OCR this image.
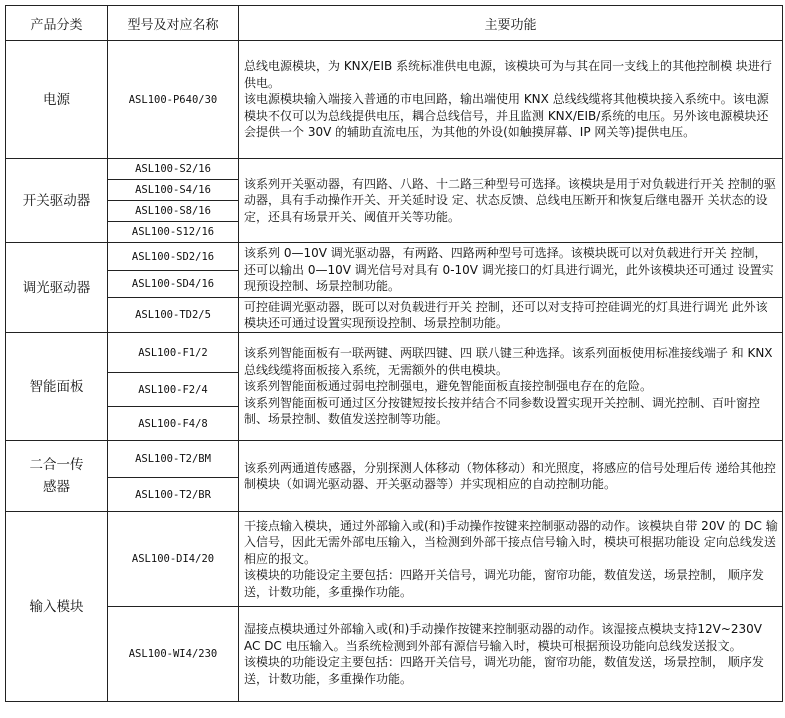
产品分类	型号及对应名称	主要功能
电源	ASL100-P640/30	总线电源模块，为 KNX/EIB 系统标准供电电源，该模块可为与其在同一支线上的其他控制模 块进行供电。

该电源模块输入端接入普通的市电回路，输出端使用 KNX 总线线缆将其他模块接入系统中。该电源模块不仅可以为总线提供电压，耦合总线信号，并且监测 KNX/EIB/系统的电压。另外该电源模块还会提供一个 30V 的辅助直流电压，为其他的外设(如触摸屏幕、IP 网关等)提供电压。

开关驱动器	ASL100-S2/16	该系列开关驱动器，有四路、八路、十二路三种型号可选择。该模块是用于对负载进行开关 控制的驱动器，具有手动操作开关、开关延时设 定、状态反馈、总线电压断开和恢复后继电器开 关状态的设定，还具有场景开关、阈值开关等功能。
	ASL100-S4/16	
	ASL100-S8/16	
	ASL100-S12/16	
调光驱动器	ASL100-SD2/16	该系列 0—10V 调光驱动器，有两路、四路两种型号可选择。该模块既可以对负载进行开关 控制，还可以输出 0—10V 调光信号对具有 0-10V 调光接口的灯具进行调光，此外该模块还可通过 设置实现预设控制、场景控制功能。
	ASL100-SD4/16	
	ASL100-TD2/5	可控硅调光驱动器，既可以对负载进行开关 控制，还可以对支持可控硅调光的灯具进行调光 此外该模块还可通过设置实现预设控制、场景控制功能。
智能面板	ASL100-F1/2	该系列智能面板有一联两键、两联四键、四 联八键三种选择。该系列面板使用标准接线端子 和 KNX 总线线缆将面板接入系统，无需额外的供电模块。

该系列智能面板通过弱电控制强电，避免智能面板直接控制强电存在的危险。

该系列智能面板可通过区分按键短按长按并结合不同参数设置实现开关控制、调光控制、百叶窗控制、场景控制、数值发送控制等功能。

	ASL100-F2/4	
	ASL100-F4/8	

二合一传
感器	ASL100-T2/BM	该系列两通道传感器，分别探测人体移动（物体移动）和光照度，将感应的信号处理后传 递给其他控制模块（如调光驱动器、开关驱动器等）并实现相应的自动控制功能。
	ASL100-T2/BR	
输入模块	ASL100-DI4/20	干接点输入模块，通过外部输入或(和)手动操作按键来控制驱动器的动作。该模块自带 20V 的 DC 输入信号，因此无需外部电压输入，当检测到外部干接点信号输入时，模块可根据功能设 定向总线发送相应的报文。

该模块的功能设定主要包括：四路开关信号，调光功能，窗帘功能，数值发送，场景控制， 顺序发送，计数功能，多重操作功能。

	ASL100-WI4/230	湿接点模块通过外部输入或(和)手动操作按键来控制驱动器的动作。该湿接点模块支持12V~230V AC DC 电压输入。当系统检测到外部有源信号输入时，模块可根据预设功能向总线发送报文。

该模块的功能设定主要包括：四路开关信号，调光功能，窗帘功能，数值发送，场景控制， 顺序发送，计数功能，多重操作功能。
